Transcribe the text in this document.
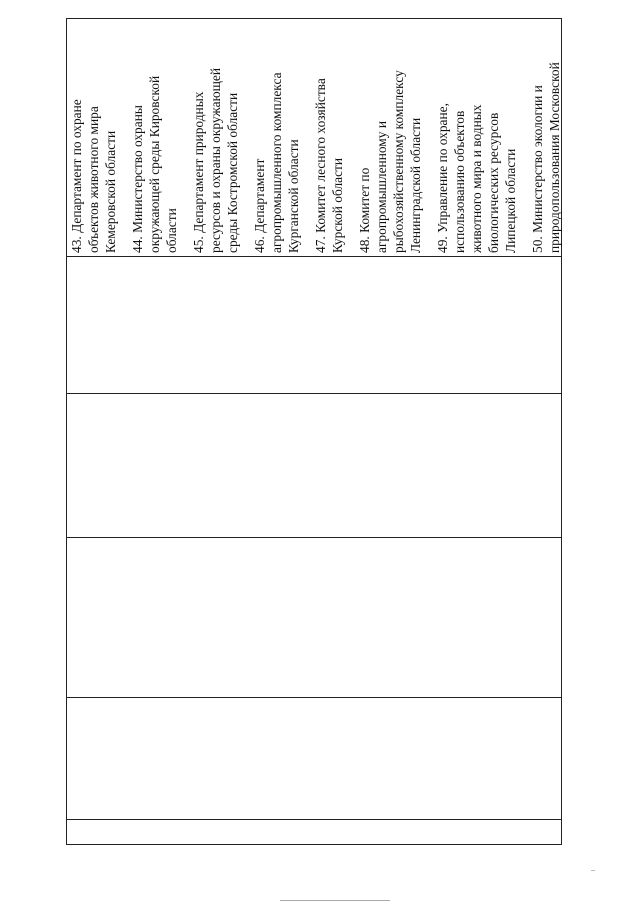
43. Департамент по охране объектов животного мира Кемеровской области 44. Министерство охраны окружающей среды Кировской области 45. Департамент природных ресурсов и охраны окружающей среды Костромской области 46. Департамент агропромышленного комплекса Курганской области 47. Комитет лесного хозяйства Курской области 48. Комитет по агропромышленному и рыбохозяйственному комплексу Ленинградской области 49. Управление по охране, использованию объектов животного мира и водных биологических ресурсов Липецкой области 50. Министерство экологии и природопользования Московской
